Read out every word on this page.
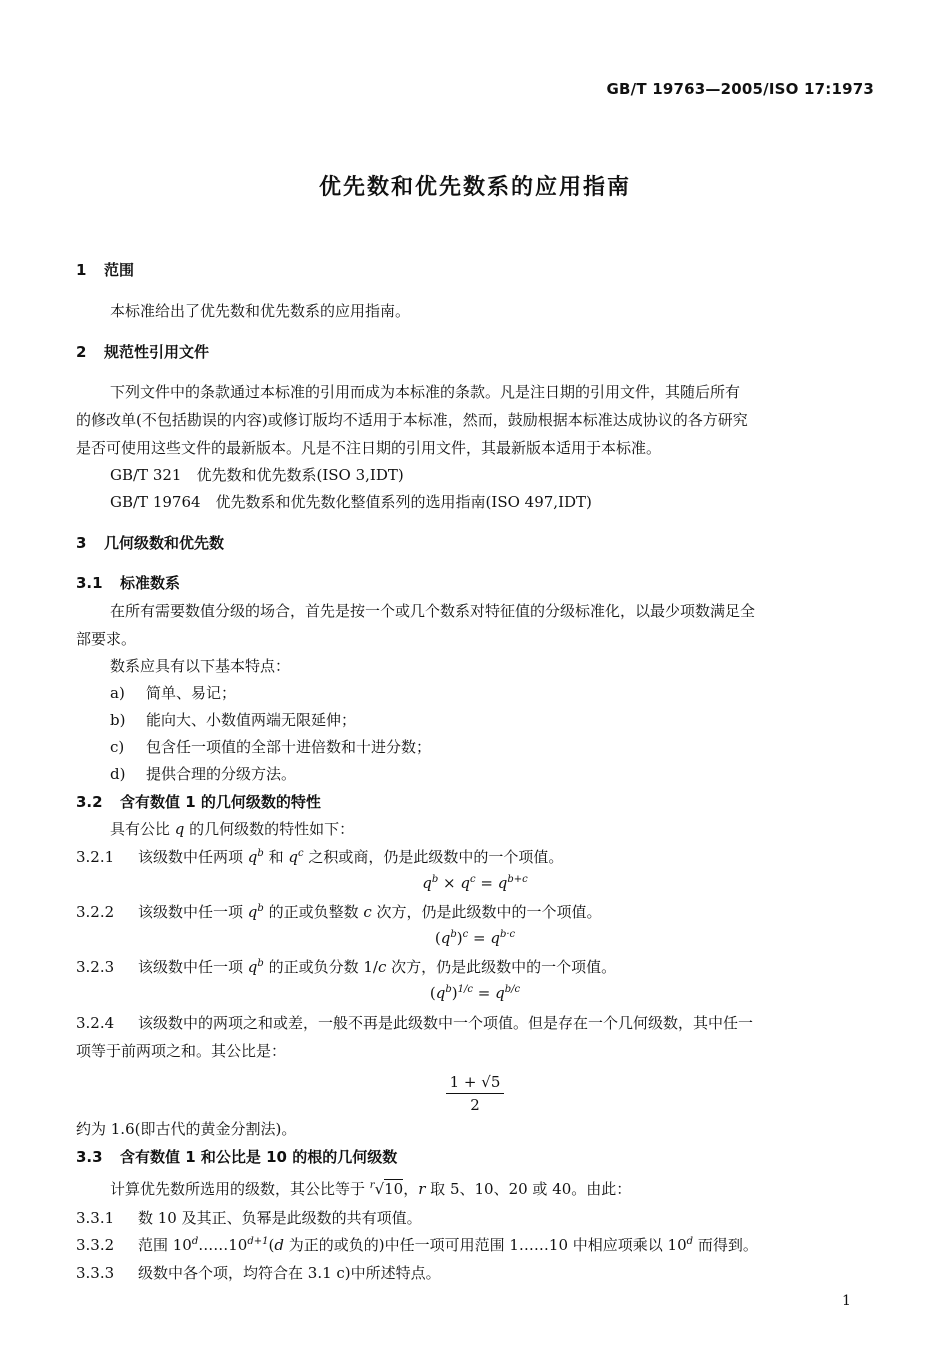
GB/T 19763—2005/ISO 17:1973
优先数和优先数系的应用指南
1 范围
本标准给出了优先数和优先数系的应用指南。
2 规范性引用文件
下列文件中的条款通过本标准的引用而成为本标准的条款。凡是注日期的引用文件，其随后所有
的修改单(不包括勘误的内容)或修订版均不适用于本标准，然而，鼓励根据本标准达成协议的各方研究
是否可使用这些文件的最新版本。凡是不注日期的引用文件，其最新版本适用于本标准。
GB/T 321　优先数和优先数系(ISO 3,IDT)
GB/T 19764　优先数系和优先数化整值系列的选用指南(ISO 497,IDT)
3 几何级数和优先数
3.1 标准数系
在所有需要数值分级的场合，首先是按一个或几个数系对特征值的分级标准化，以最少项数满足全
部要求。
数系应具有以下基本特点：
a) 简单、易记；
b) 能向大、小数值两端无限延伸；
c) 包含任一项值的全部十进倍数和十进分数；
d) 提供合理的分级方法。
3.2 含有数值 1 的几何级数的特性
具有公比 q 的几何级数的特性如下：
3.2.1 该级数中任两项 $q^b$ 和 $q^c$ 之积或商，仍是此级数中的一个项值。
$q^b \times q^c = q^{b+c}$
3.2.2 该级数中任一项 $q^b$ 的正或负整数 c 次方，仍是此级数中的一个项值。
$(q^b)^c = q^{b\cdot c}$
3.2.3 该级数中任一项 $q^b$ 的正或负分数 1/c 次方，仍是此级数中的一个项值。
$(q^b)^{1/c} = q^{b/c}$
3.2.4 该级数中的两项之和或差，一般不再是此级数中一个项值。但是存在一个几何级数，其中任一
项等于前两项之和。其公比是：
$\frac{1 + √5}{2}$
约为 1.6(即古代的黄金分割法)。
3.3 含有数值 1 和公比是 10 的根的几何级数
计算优先数所选用的级数，其公比等于 $^r$√10，r 取 5、10、20 或 40。由此：
3.3.1 数 10 及其正、负幂是此级数的共有项值。
3.3.2 范围 $10^d\dots\dots 10^{d+1}(d$ 为正的或负的)中任一项可用范围 1……10 中相应项乘以 10$^d$ 而得到。
3.3.3 级数中各个项，均符合在 3.1 c)中所述特点。
1
